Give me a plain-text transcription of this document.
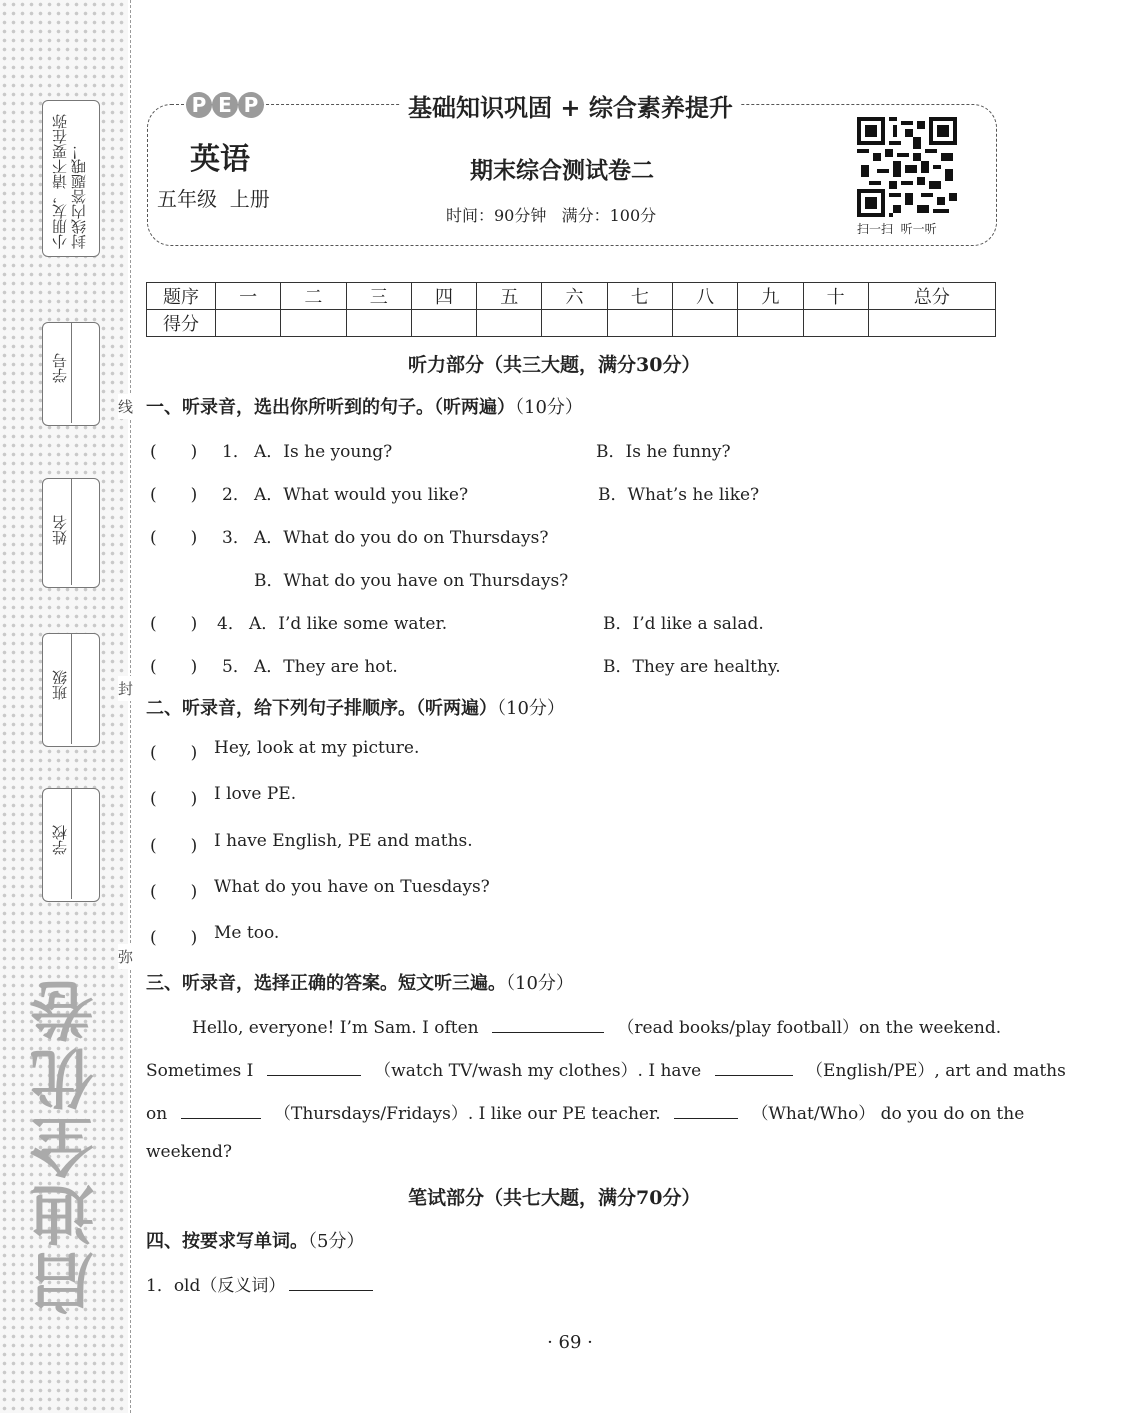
小朋友，请不要在弥封线内答题哦！
学号
姓名
班级
学校
线
封
弥
启迪全优卷
P E P	基础知识巩固 + 综合素养提升
英语
五年级  上册
期末综合测试卷二
时间：90分钟   满分：100分
扫一扫  听一听
题序	一	二	三	四	五	六	七	八	九	十	总分
得分											
听力部分（共三大题，满分30分）
一、听录音，选出你所听到的句子。（听两遍）（10分）
(　　) 1． A．Is he young?	B．Is he funny?
(　　) 2． A．What would you like?	B．What’s he like?
(　　) 3． A．What do you do on Thursdays?
B．What do you have on Thursdays?
(　　) 4． A．I’d like some water.	B．I’d like a salad.
(　　) 5． A．They are hot.	B．They are healthy.
二、听录音，给下列句子排顺序。（听两遍）（10分）
(　　) Hey, look at my picture.
(　　) I love PE.
(　　) I have English, PE and maths.
(　　) What do you have on Tuesdays?
(　　) Me too.
三、听录音，选择正确的答案。短文听三遍。（10分）
Hello, everyone! I’m Sam. I often	（read books/play football）on the weekend.
Sometimes I	（watch TV/wash my clothes）. I have	（English/PE）, art and maths
on	（Thursdays/Fridays）. I like our PE teacher.	（What/Who） do you do on the
weekend?
笔试部分（共七大题，满分70分）
四、按要求写单词。（5分）
1．old（反义词）
· 69 ·
